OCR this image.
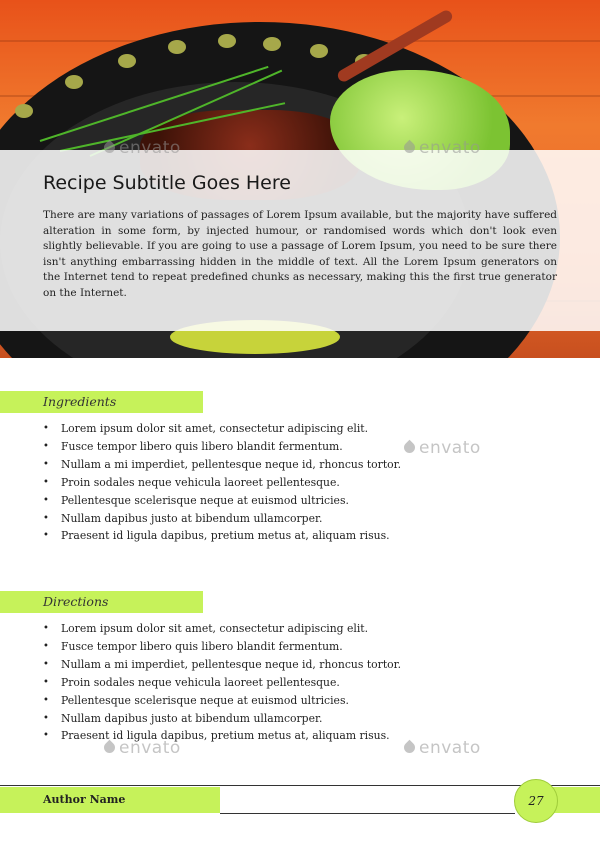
Recipe Subtitle Goes Here

There are many variations of passages of Lorem Ipsum available, but the majority have suffered alteration in some form, by injected humour, or randomised words which don't look even slightly believable. If you are going to use a passage of Lorem Ipsum, you need to be sure there isn't anything embarrassing hidden in the middle of text. All the Lorem Ipsum generators on the Internet tend to repeat predefined chunks as necessary, making this the first true generator on the Internet.

envato	envato
envato
envato	envato
Ingredients
• Lorem ipsum dolor sit amet, consectetur adipiscing elit.
• Fusce tempor libero quis libero blandit fermentum.
• Nullam a mi imperdiet, pellentesque neque id, rhoncus tortor.
• Proin sodales neque vehicula laoreet pellentesque.
• Pellentesque scelerisque neque at euismod ultricies.
• Nullam dapibus justo at bibendum ullamcorper.
• Praesent id ligula dapibus, pretium metus at, aliquam risus.
Directions
• Lorem ipsum dolor sit amet, consectetur adipiscing elit.
• Fusce tempor libero quis libero blandit fermentum.
• Nullam a mi imperdiet, pellentesque neque id, rhoncus tortor.
• Proin sodales neque vehicula laoreet pellentesque.
• Pellentesque scelerisque neque at euismod ultricies.
• Nullam dapibus justo at bibendum ullamcorper.
• Praesent id ligula dapibus, pretium metus at, aliquam risus.
Author Name	27
